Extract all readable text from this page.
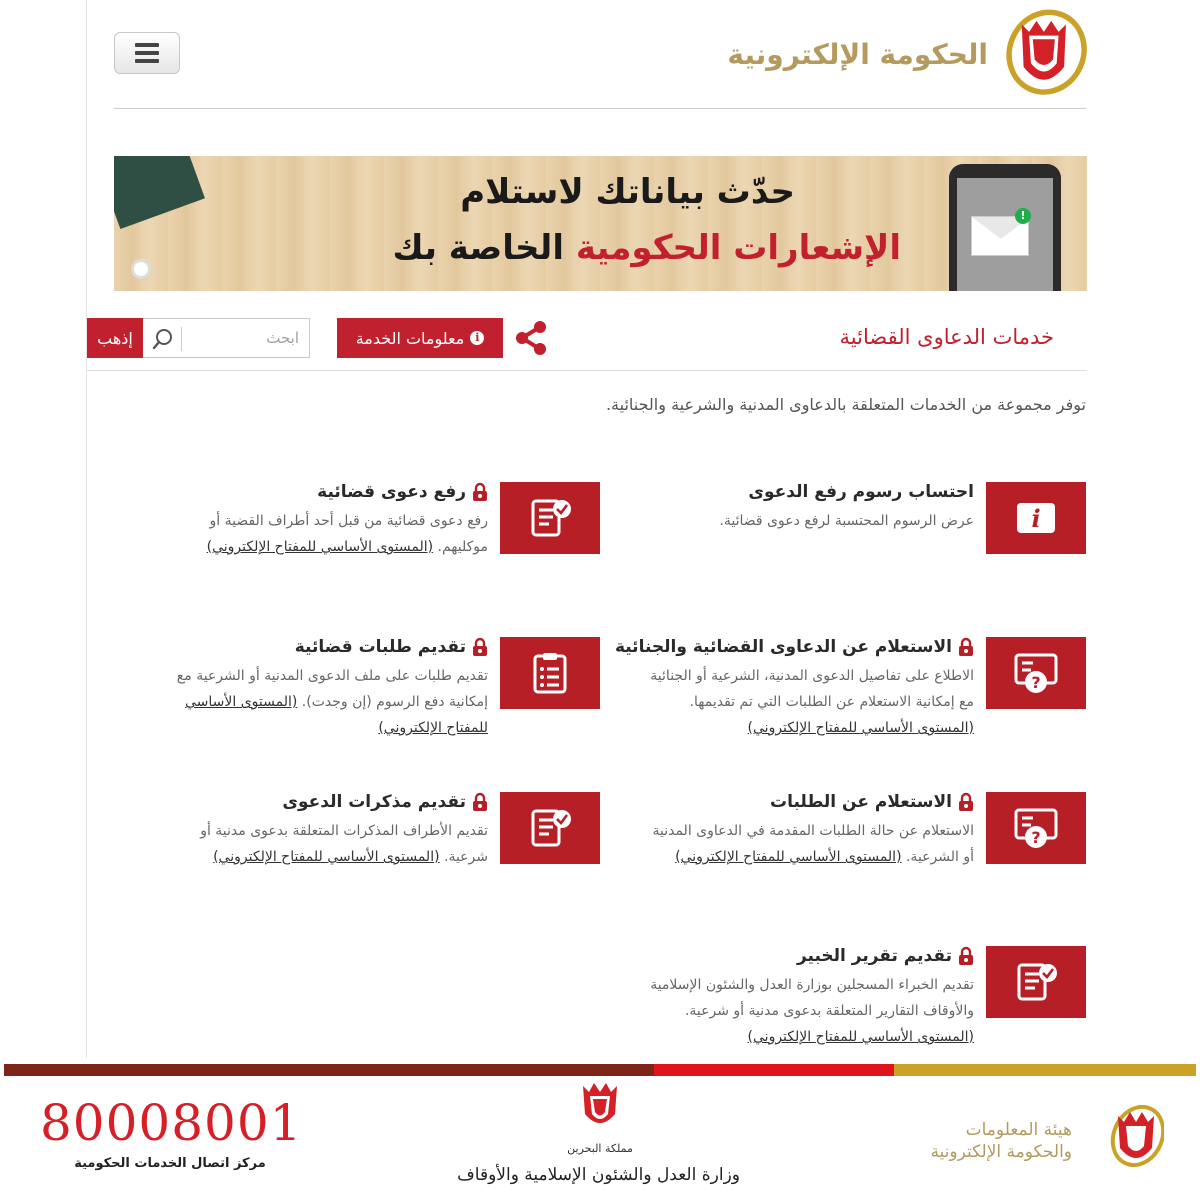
الحكومة الإلكترونية
!
حدّث بياناتك لاستلام
الإشعارات الحكومية الخاصة بك
خدمات الدعاوى القضائية
i
معلومات الخدمة
ابحث
إذهب
توفر مجموعة من الخدمات المتعلقة بالدعاوى المدنية والشرعية والجنائية.
i
احتساب رسوم رفع الدعوى
عرض الرسوم المحتسبة لرفع دعوى قضائية.
رفع دعوى قضائية
رفع دعوى قضائية من قبل أحد أطراف القضية أو موكليهم. (المستوى الأساسي للمفتاح الإلكتروني)
?
الاستعلام عن الدعاوى القضائية والجنائية
الاطلاع على تفاصيل الدعوى المدنية، الشرعية أو الجنائية مع إمكانية الاستعلام عن الطلبات التي تم تقديمها. (المستوى الأساسي للمفتاح الإلكتروني)
تقديم طلبات قضائية
تقديم طلبات على ملف الدعوى المدنية أو الشرعية مع إمكانية دفع الرسوم (إن وجدت). (المستوى الأساسي للمفتاح الإلكتروني)
?
الاستعلام عن الطلبات
الاستعلام عن حالة الطلبات المقدمة في الدعاوى المدنية أو الشرعية. (المستوى الأساسي للمفتاح الإلكتروني)
تقديم مذكرات الدعوى
تقديم الأطراف المذكرات المتعلقة بدعوى مدنية أو شرعية. (المستوى الأساسي للمفتاح الإلكتروني)
تقديم تقرير الخبير
تقديم الخبراء المسجلين بوزارة العدل والشئون الإسلامية والأوقاف التقارير المتعلقة بدعوى مدنية أو شرعية. (المستوى الأساسي للمفتاح الإلكتروني)
هيئة المعلومات
والحكومة الإلكترونية
مملكة البحرين
وزارة العدل والشئون الإسلامية والأوقاف
80008001
مركز اتصال الخدمات الحكومية
